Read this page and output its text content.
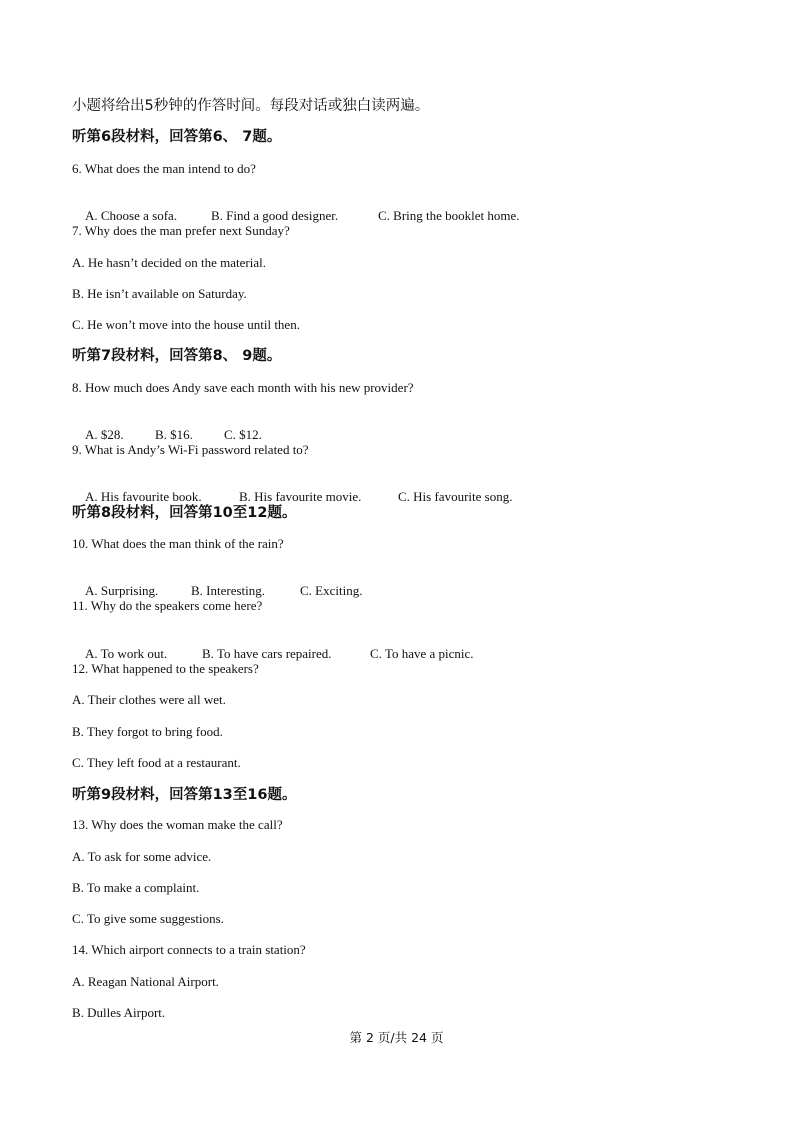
小题将给出5秒钟的作答时间。每段对话或独白读两遍。
听第6段材料，回答第6、 7题。
6. What does the man intend to do?

A. Choose a sofa.	B. Find a good designer.	C. Bring the booklet home.

7. Why does the man prefer next Sunday?
A. He hasn’t decided on the material.
B. He isn’t available on Saturday.
C. He won’t move into the house until then.
听第7段材料，回答第8、 9题。
8. How much does Andy save each month with his new provider?

A. $28. B. $16. C. $12.

9. What is Andy’s Wi-Fi password related to?

A. His favourite book.	B. His favourite movie.	C. His favourite song.

听第8段材料，回答第10至12题。
10. What does the man think of the rain?

A. Surprising.	B. Interesting.	C. Exciting.

11. Why do the speakers come here?

A. To work out.	B. To have cars repaired.	C. To have a picnic.

12. What happened to the speakers?
A. Their clothes were all wet.
B. They forgot to bring food.
C. They left food at a restaurant.
听第9段材料，回答第13至16题。
13. Why does the woman make the call?
A. To ask for some advice.
B. To make a complaint.
C. To give some suggestions.
14. Which airport connects to a train station?
A. Reagan National Airport.
B. Dulles Airport.
第 2 页/共 24 页
